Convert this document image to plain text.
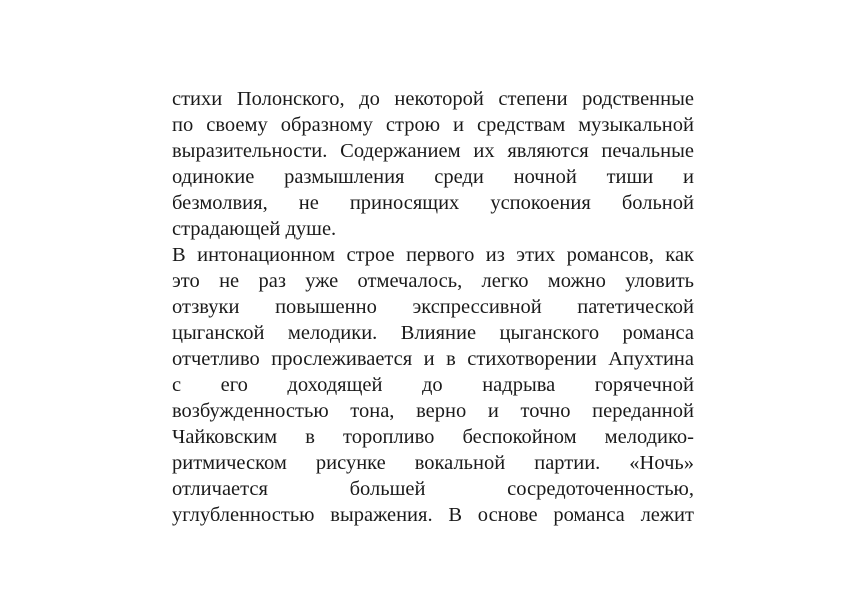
стихи Полонского, до некоторой степени родственные
по своему образному строю и средствам музыкальной
выразительности. Содержанием их являются печальные
одинокие размышления среди ночной тиши и
безмолвия, не приносящих успокоения больной
страдающей душе.
В интонационном строе первого из этих романсов, как
это не раз уже отмечалось, легко можно уловить
отзвуки повышенно экспрессивной патетической
цыганской мелодики. Влияние цыганского романса
отчетливо прослеживается и в стихотворении Апухтина
с его доходящей до надрыва горячечной
возбужденностью тона, верно и точно переданной
Чайковским в торопливо беспокойном мелодико-
ритмическом рисунке вокальной партии. «Ночь»
отличается большей сосредоточенностью,
углубленностью выражения. В основе романса лежит
